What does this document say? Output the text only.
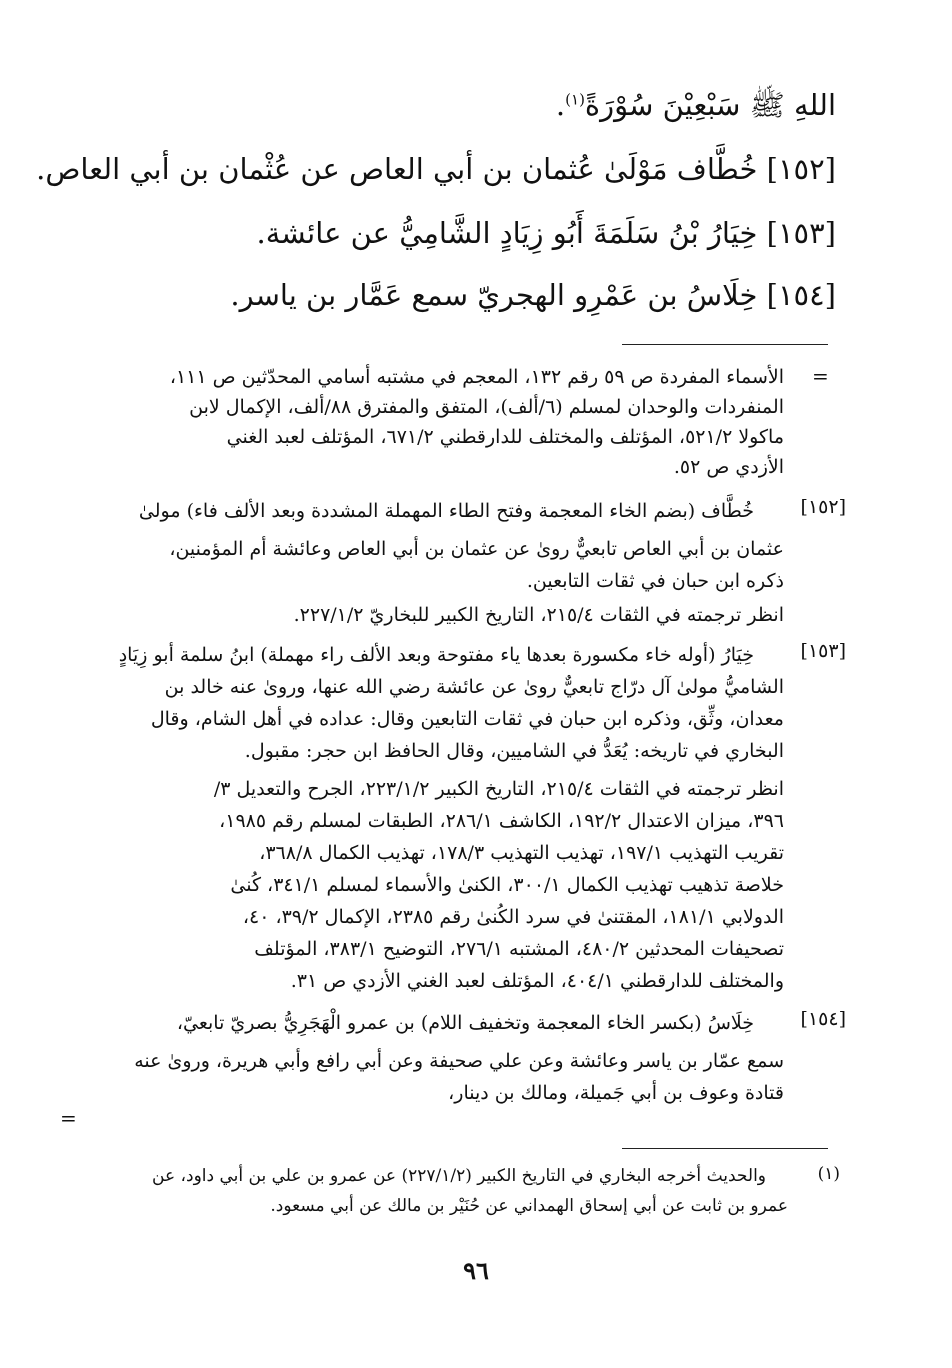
اللهِ ﷺ سَبْعِيْنَ سُوْرَةً$^{(١)}$.
[١٥٢] خُطَّاف مَوْلَىٰ عُثمان بن أبي العاص عن عُثْمان بن أبي العاص.
[١٥٣] خِيَارُ بْنُ سَلَمَةَ أَبُو زِيَادٍ الشَّامِيُّ عن عائشة.
[١٥٤] خِلَاسُ بن عَمْرِو الهجريّ سمع عَمَّار بن ياسر.
=
الأسماء المفردة ص ٥٩ رقم ١٣٢، المعجم في مشتبه أسامي المحدّثين ص ١١١،
المنفردات والوحدان لمسلم (٦/ألف)، المتفق والمفترق ٨٨/ألف، الإكمال لابن
ماكولا ٥٢١/٢، المؤتلف والمختلف للدارقطني ٦٧١/٢، المؤتلف لعبد الغني
الأزدي ص ٥٢.
[١٥٢]
خُطَّاف (بضم الخاء المعجمة وفتح الطاء المهملة المشددة وبعد الألف فاء) مولىٰ
عثمان بن أبي العاص تابعيٌّ روىٰ عن عثمان بن أبي العاص وعائشة أم المؤمنين،
ذكره ابن حبان في ثقات التابعين.
انظر ترجمته في الثقات ٢١٥/٤، التاريخ الكبير للبخاريّ ٢٢٧/١/٢.
[١٥٣]
خِيَارُ (أوله خاء مكسورة بعدها ياء مفتوحة وبعد الألف راء مهملة) ابنُ سلمة أبو زِيَادٍ
الشاميُّ مولىٰ آل درّاج تابعيٌّ روىٰ عن عائشة رضي الله عنها، وروىٰ عنه خالد بن
معدان، وثِّق، وذكره ابن حبان في ثقات التابعين وقال: عداده في أهل الشام، وقال
البخاري في تاريخه: يُعَدُّ في الشاميين، وقال الحافظ ابن حجر: مقبول.
انظر ترجمته في الثقات ٢١٥/٤، التاريخ الكبير ٢٢٣/١/٢، الجرح والتعديل ٣/
٣٩٦، ميزان الاعتدال ١٩٢/٢، الكاشف ٢٨٦/١، الطبقات لمسلم رقم ١٩٨٥،
تقريب التهذيب ١٩٧/١، تهذيب التهذيب ١٧٨/٣، تهذيب الكمال ٣٦٨/٨،
خلاصة تذهيب تهذيب الكمال ٣٠٠/١، الكنىٰ والأسماء لمسلم ٣٤١/١، كُنىٰ
الدولابي ١٨١/١، المقتنىٰ في سرد الكُنىٰ رقم ٢٣٨٥، الإكمال ٣٩/٢، ٤٠،
تصحيفات المحدثين ٤٨٠/٢، المشتبه ٢٧٦/١، التوضيح ٣٨٣/١، المؤتلف
والمختلف للدارقطني ٤٠٤/١، المؤتلف لعبد الغني الأزدي ص ٣١.
[١٥٤]
خِلَاسُ (بكسر الخاء المعجمة وتخفيف اللام) بن عمرو الْهَجَرِيُّ بصريّ تابعيّ،
سمع عمّار بن ياسر وعائشة وعن علي صحيفة وعن أبي رافع وأبي هريرة، وروىٰ عنه
قتادة وعوف بن أبي جَميلة، ومالك بن دينار،
=
(١)
والحديث أخرجه البخاري في التاريخ الكبير (٢٢٧/١/٢) عن عمرو بن علي بن أبي داود، عن
عمرو بن ثابت عن أبي إسحاق الهمداني عن حُنَيْر بن مالك عن أبي مسعود.
٩٦
